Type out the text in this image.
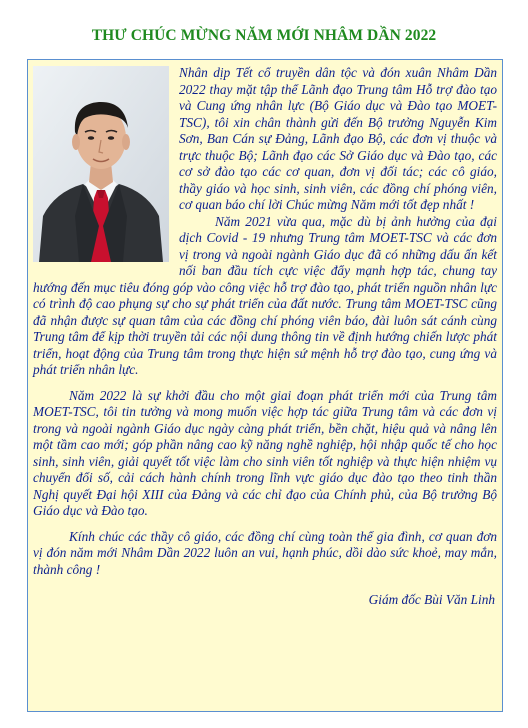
THƯ CHÚC MỪNG NĂM MỚI NHÂM DẦN 2022

Nhân dịp Tết cổ truyền dân tộc và đón xuân Nhâm Dần 2022 thay mặt tập thể Lãnh đạo Trung tâm Hỗ trợ đào tạo và Cung ứng nhân lực (Bộ Giáo dục và Đào tạo MOET-TSC), tôi xin chân thành gửi đến Bộ trưởng Nguyễn Kim Sơn, Ban Cán sự Đảng, Lãnh đạo Bộ, các đơn vị thuộc và trực thuộc Bộ; Lãnh đạo các Sở Giáo dục và Đào tạo, các cơ sở đào tạo các cơ quan, đơn vị đối tác; các cô giáo, thầy giáo và học sinh, sinh viên, các đồng chí phóng viên, cơ quan báo chí lời Chúc mừng Năm mới tốt đẹp nhất !

Năm 2021 vừa qua, mặc dù bị ảnh hưởng của đại dịch Covid - 19 nhưng Trung tâm MOET-TSC và các đơn vị trong và ngoài ngành Giáo dục đã có những dấu ấn kết nối ban đầu tích cực việc đẩy mạnh hợp tác, chung tay hướng đến mục tiêu đóng góp vào công việc hỗ trợ đào tạo, phát triển nguồn nhân lực có trình độ cao phụng sự cho sự phát triển của đất nước. Trung tâm MOET-TSC cũng đã nhận được sự quan tâm của các đồng chí phóng viên báo, đài luôn sát cánh cùng Trung tâm để kịp thời truyền tải các nội dung thông tin về định hướng chiến lược phát triển, hoạt động của Trung tâm trong thực hiện sứ mệnh hỗ trợ đào tạo, cung ứng và phát triển nhân lực.

Năm 2022 là sự khởi đầu cho một giai đoạn phát triển mới của Trung tâm MOET-TSC, tôi tin tưởng và mong muốn việc hợp tác giữa Trung tâm và các đơn vị trong và ngoài ngành Giáo dục ngày càng phát triển, bền chặt, hiệu quả và nâng lên một tầm cao mới; góp phần nâng cao kỹ năng nghề nghiệp, hội nhập quốc tế cho học sinh, sinh viên, giải quyết tốt việc làm cho sinh viên tốt nghiệp và thực hiện nhiệm vụ chuyển đổi số, cải cách hành chính trong lĩnh vực giáo dục đào tạo theo tinh thần Nghị quyết Đại hội XIII của Đảng và các chỉ đạo của Chính phủ, của Bộ trưởng Bộ Giáo dục và Đào tạo.

Kính chúc các thầy cô giáo, các đồng chí cùng toàn thể gia đình, cơ quan đơn vị đón năm mới Nhâm Dần 2022 luôn an vui, hạnh phúc, dồi dào sức khoẻ, may mắn, thành công !

Giám đốc Bùi Văn Linh
